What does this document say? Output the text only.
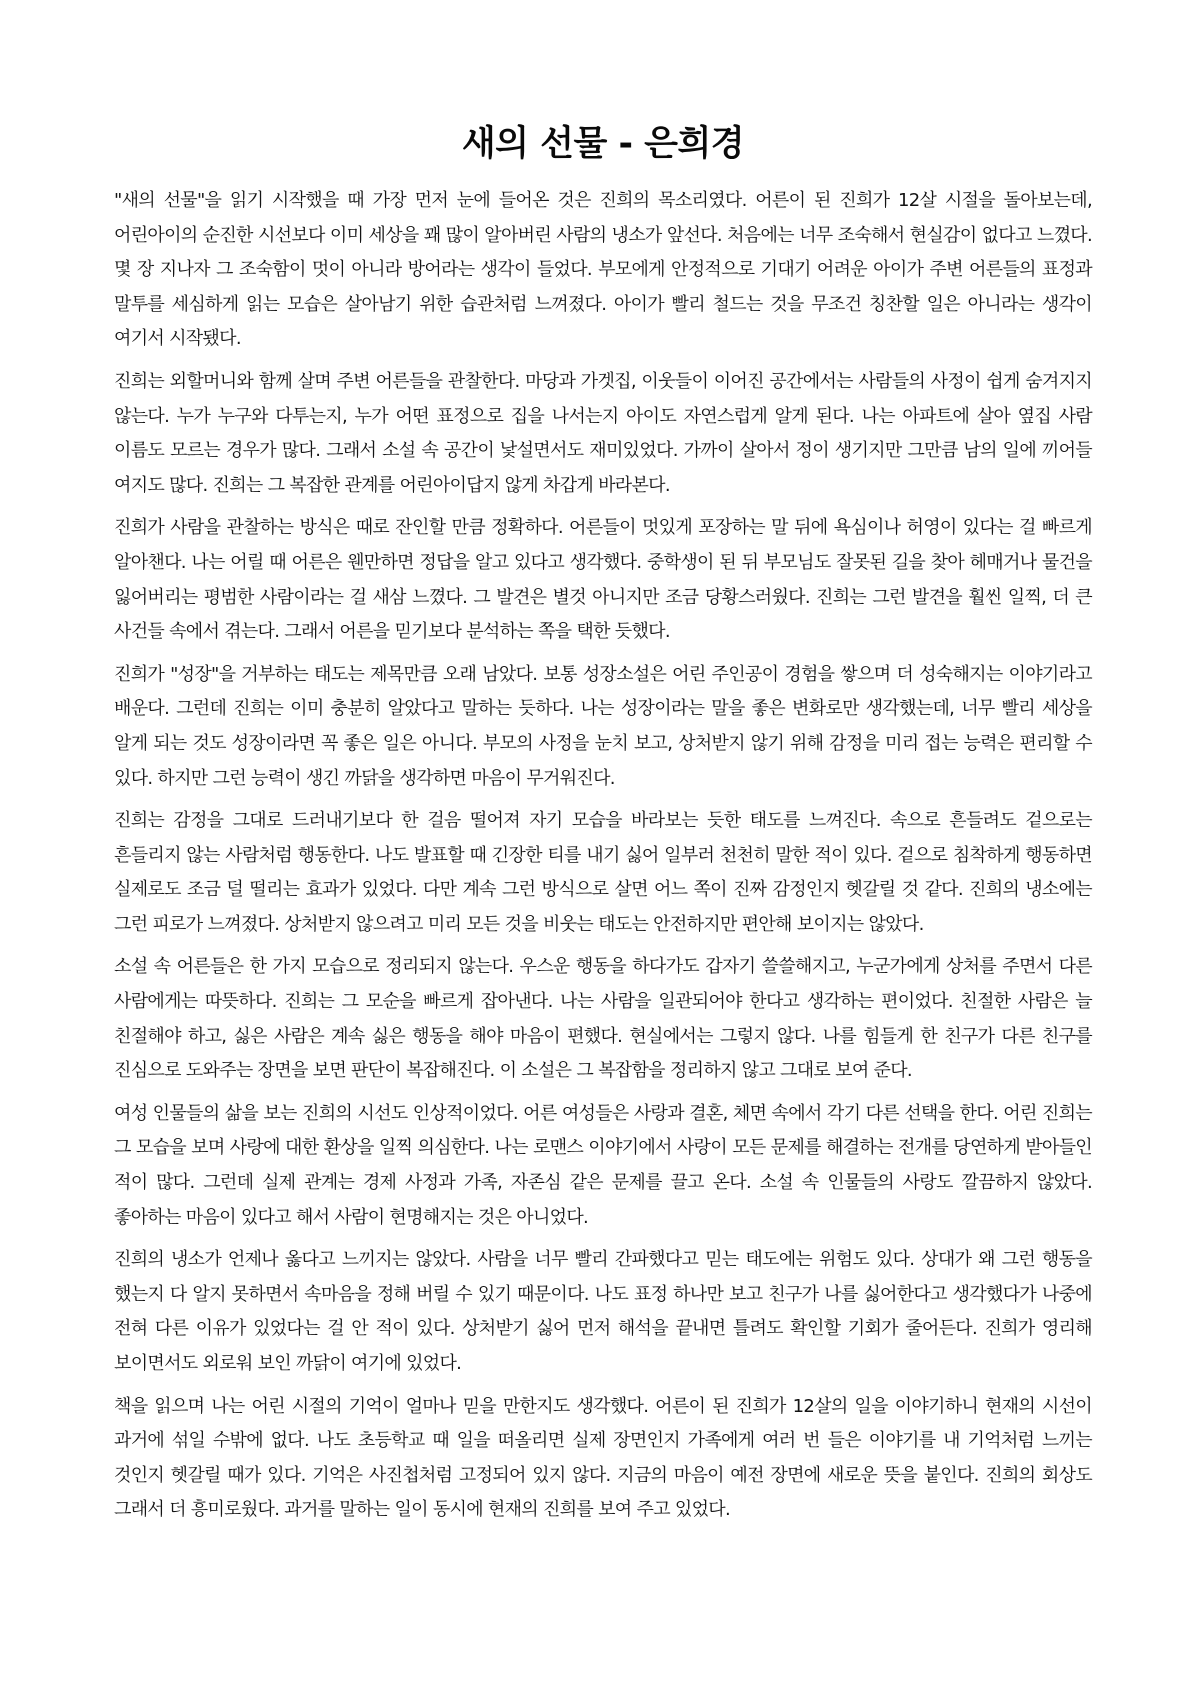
새의 선물 - 은희경

"새의 선물"을 읽기 시작했을 때 가장 먼저 눈에 들어온 것은 진희의 목소리였다. 어른이 된 진희가 12살 시절을 돌아보는데, 어린아이의 순진한 시선보다 이미 세상을 꽤 많이 알아버린 사람의 냉소가 앞선다. 처음에는 너무 조숙해서 현실감이 없다고 느꼈다. 몇 장 지나자 그 조숙함이 멋이 아니라 방어라는 생각이 들었다. 부모에게 안정적으로 기대기 어려운 아이가 주변 어른들의 표정과 말투를 세심하게 읽는 모습은 살아남기 위한 습관처럼 느껴졌다. 아이가 빨리 철드는 것을 무조건 칭찬할 일은 아니라는 생각이 여기서 시작됐다.

진희는 외할머니와 함께 살며 주변 어른들을 관찰한다. 마당과 가겟집, 이웃들이 이어진 공간에서는 사람들의 사정이 쉽게 숨겨지지 않는다. 누가 누구와 다투는지, 누가 어떤 표정으로 집을 나서는지 아이도 자연스럽게 알게 된다. 나는 아파트에 살아 옆집 사람 이름도 모르는 경우가 많다. 그래서 소설 속 공간이 낯설면서도 재미있었다. 가까이 살아서 정이 생기지만 그만큼 남의 일에 끼어들 여지도 많다. 진희는 그 복잡한 관계를 어린아이답지 않게 차갑게 바라본다.

진희가 사람을 관찰하는 방식은 때로 잔인할 만큼 정확하다. 어른들이 멋있게 포장하는 말 뒤에 욕심이나 허영이 있다는 걸 빠르게 알아챈다. 나는 어릴 때 어른은 웬만하면 정답을 알고 있다고 생각했다. 중학생이 된 뒤 부모님도 잘못된 길을 찾아 헤매거나 물건을 잃어버리는 평범한 사람이라는 걸 새삼 느꼈다. 그 발견은 별것 아니지만 조금 당황스러웠다. 진희는 그런 발견을 훨씬 일찍, 더 큰 사건들 속에서 겪는다. 그래서 어른을 믿기보다 분석하는 쪽을 택한 듯했다.

진희가 "성장"을 거부하는 태도는 제목만큼 오래 남았다. 보통 성장소설은 어린 주인공이 경험을 쌓으며 더 성숙해지는 이야기라고 배운다. 그런데 진희는 이미 충분히 알았다고 말하는 듯하다. 나는 성장이라는 말을 좋은 변화로만 생각했는데, 너무 빨리 세상을 알게 되는 것도 성장이라면 꼭 좋은 일은 아니다. 부모의 사정을 눈치 보고, 상처받지 않기 위해 감정을 미리 접는 능력은 편리할 수 있다. 하지만 그런 능력이 생긴 까닭을 생각하면 마음이 무거워진다.

진희는 감정을 그대로 드러내기보다 한 걸음 떨어져 자기 모습을 바라보는 듯한 태도를 느껴진다. 속으로 흔들려도 겉으로는 흔들리지 않는 사람처럼 행동한다. 나도 발표할 때 긴장한 티를 내기 싫어 일부러 천천히 말한 적이 있다. 겉으로 침착하게 행동하면 실제로도 조금 덜 떨리는 효과가 있었다. 다만 계속 그런 방식으로 살면 어느 쪽이 진짜 감정인지 헷갈릴 것 같다. 진희의 냉소에는 그런 피로가 느껴졌다. 상처받지 않으려고 미리 모든 것을 비웃는 태도는 안전하지만 편안해 보이지는 않았다.

소설 속 어른들은 한 가지 모습으로 정리되지 않는다. 우스운 행동을 하다가도 갑자기 쓸쓸해지고, 누군가에게 상처를 주면서 다른 사람에게는 따뜻하다. 진희는 그 모순을 빠르게 잡아낸다. 나는 사람을 일관되어야 한다고 생각하는 편이었다. 친절한 사람은 늘 친절해야 하고, 싫은 사람은 계속 싫은 행동을 해야 마음이 편했다. 현실에서는 그렇지 않다. 나를 힘들게 한 친구가 다른 친구를 진심으로 도와주는 장면을 보면 판단이 복잡해진다. 이 소설은 그 복잡함을 정리하지 않고 그대로 보여 준다.

여성 인물들의 삶을 보는 진희의 시선도 인상적이었다. 어른 여성들은 사랑과 결혼, 체면 속에서 각기 다른 선택을 한다. 어린 진희는 그 모습을 보며 사랑에 대한 환상을 일찍 의심한다. 나는 로맨스 이야기에서 사랑이 모든 문제를 해결하는 전개를 당연하게 받아들인 적이 많다. 그런데 실제 관계는 경제 사정과 가족, 자존심 같은 문제를 끌고 온다. 소설 속 인물들의 사랑도 깔끔하지 않았다. 좋아하는 마음이 있다고 해서 사람이 현명해지는 것은 아니었다.

진희의 냉소가 언제나 옳다고 느끼지는 않았다. 사람을 너무 빨리 간파했다고 믿는 태도에는 위험도 있다. 상대가 왜 그런 행동을 했는지 다 알지 못하면서 속마음을 정해 버릴 수 있기 때문이다. 나도 표정 하나만 보고 친구가 나를 싫어한다고 생각했다가 나중에 전혀 다른 이유가 있었다는 걸 안 적이 있다. 상처받기 싫어 먼저 해석을 끝내면 틀려도 확인할 기회가 줄어든다. 진희가 영리해 보이면서도 외로워 보인 까닭이 여기에 있었다.

책을 읽으며 나는 어린 시절의 기억이 얼마나 믿을 만한지도 생각했다. 어른이 된 진희가 12살의 일을 이야기하니 현재의 시선이 과거에 섞일 수밖에 없다. 나도 초등학교 때 일을 떠올리면 실제 장면인지 가족에게 여러 번 들은 이야기를 내 기억처럼 느끼는 것인지 헷갈릴 때가 있다. 기억은 사진첩처럼 고정되어 있지 않다. 지금의 마음이 예전 장면에 새로운 뜻을 붙인다. 진희의 회상도 그래서 더 흥미로웠다. 과거를 말하는 일이 동시에 현재의 진희를 보여 주고 있었다.
